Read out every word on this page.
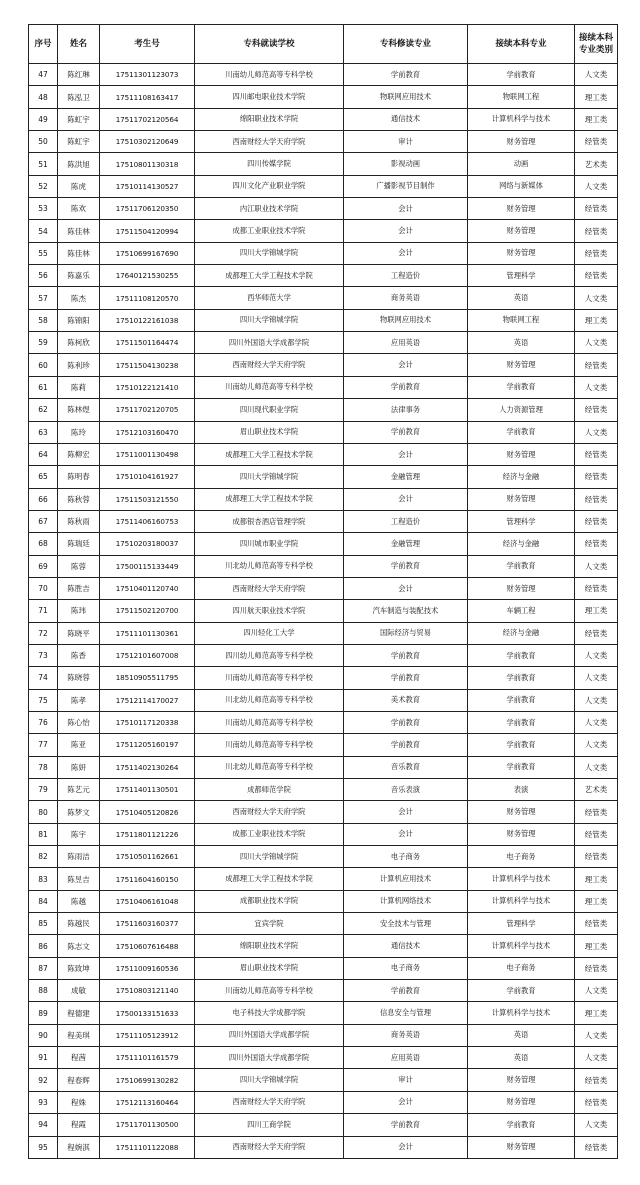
序号	姓名	考生号	专科就读学校	专科修读专业	接续本科专业	接续本科专业类别
47	陈红琳	17511301123073	川南幼儿师范高等专科学校	学前教育	学前教育	人文类
48	陈泓卫	17511108163417	四川邮电职业技术学院	物联网应用技术	物联网工程	理工类
49	陈虹宇	17511702120564	绵阳职业技术学院	通信技术	计算机科学与技术	理工类
50	陈虹宇	17510302120649	西南财经大学天府学院	审计	财务管理	经管类
51	陈洪旭	17510801130318	四川传媒学院	影视动画	动画	艺术类
52	陈虎	17510114130527	四川文化产业职业学院	广播影视节目制作	网络与新媒体	人文类
53	陈欢	17511706120350	内江职业技术学院	会计	财务管理	经管类
54	陈佳林	17511504120994	成都工业职业技术学院	会计	财务管理	经管类
55	陈佳林	17510699167690	四川大学锦城学院	会计	财务管理	经管类
56	陈嘉乐	17640121530255	成都理工大学工程技术学院	工程造价	管理科学	经管类
57	陈杰	17511108120570	西华师范大学	商务英语	英语	人文类
58	陈锦阳	17510122161038	四川大学锦城学院	物联网应用技术	物联网工程	理工类
59	陈柯欣	17511501164474	四川外国语大学成都学院	应用英语	英语	人文类
60	陈利珍	17511504130238	西南财经大学天府学院	会计	财务管理	经管类
61	陈莉	17510122121410	川南幼儿师范高等专科学校	学前教育	学前教育	人文类
62	陈林煜	17511702120705	四川现代职业学院	法律事务	人力资源管理	经管类
63	陈玲	17512103160470	眉山职业技术学院	学前教育	学前教育	人文类
64	陈柳宏	17511001130498	成都理工大学工程技术学院	会计	财务管理	经管类
65	陈明春	17510104161927	四川大学锦城学院	金融管理	经济与金融	经管类
66	陈秋蓉	17511503121550	成都理工大学工程技术学院	会计	财务管理	经管类
67	陈秋雨	17511406160753	成都银杏酒店管理学院	工程造价	管理科学	经管类
68	陈瑞廷	17510203180037	四川城市职业学院	金融管理	经济与金融	经管类
69	陈蓉	17500115133449	川北幼儿师范高等专科学校	学前教育	学前教育	人文类
70	陈胜吉	17510401120740	西南财经大学天府学院	会计	财务管理	经管类
71	陈玮	17511502120700	四川航天职业技术学院	汽车制造与装配技术	车辆工程	理工类
72	陈晓平	17511101130361	四川轻化工大学	国际经济与贸易	经济与金融	经管类
73	陈香	17512101607008	四川幼儿师范高等专科学校	学前教育	学前教育	人文类
74	陈晓蓉	18510905511795	川南幼儿师范高等专科学校	学前教育	学前教育	人文类
75	陈孝	17512114170027	川北幼儿师范高等专科学校	美术教育	学前教育	人文类
76	陈心怡	17510117120338	川南幼儿师范高等专科学校	学前教育	学前教育	人文类
77	陈亚	17511205160197	川南幼儿师范高等专科学校	学前教育	学前教育	人文类
78	陈妍	17511402130264	川北幼儿师范高等专科学校	音乐教育	学前教育	人文类
79	陈艺元	17511401130501	成都师范学院	音乐表演	表演	艺术类
80	陈梦文	17510405120826	西南财经大学天府学院	会计	财务管理	经管类
81	陈宇	17511801121226	成都工业职业技术学院	会计	财务管理	经管类
82	陈雨洁	17510501162661	四川大学锦城学院	电子商务	电子商务	经管类
83	陈昱吉	17511604160150	成都理工大学工程技术学院	计算机应用技术	计算机科学与技术	理工类
84	陈越	17510406161048	成都职业技术学院	计算机网络技术	计算机科学与技术	理工类
85	陈越民	17511603160377	宜宾学院	安全技术与管理	管理科学	经管类
86	陈志文	17510607616488	绵阳职业技术学院	通信技术	计算机科学与技术	理工类
87	陈致坤	17511009160536	眉山职业技术学院	电子商务	电子商务	经管类
88	成敏	17510803121140	川南幼儿师范高等专科学校	学前教育	学前教育	人文类
89	程德建	17500133151633	电子科技大学成都学院	信息安全与管理	计算机科学与技术	理工类
90	程美琪	17511105123912	四川外国语大学成都学院	商务英语	英语	人文类
91	程茜	17511101161579	四川外国语大学成都学院	应用英语	英语	人文类
92	程春辉	17510699130282	四川大学锦城学院	审计	财务管理	经管类
93	程姝	17512113160464	西南财经大学天府学院	会计	财务管理	经管类
94	程霞	17511701130500	四川工商学院	学前教育	学前教育	人文类
95	程婉淇	17511101122088	西南财经大学天府学院	会计	财务管理	经管类
